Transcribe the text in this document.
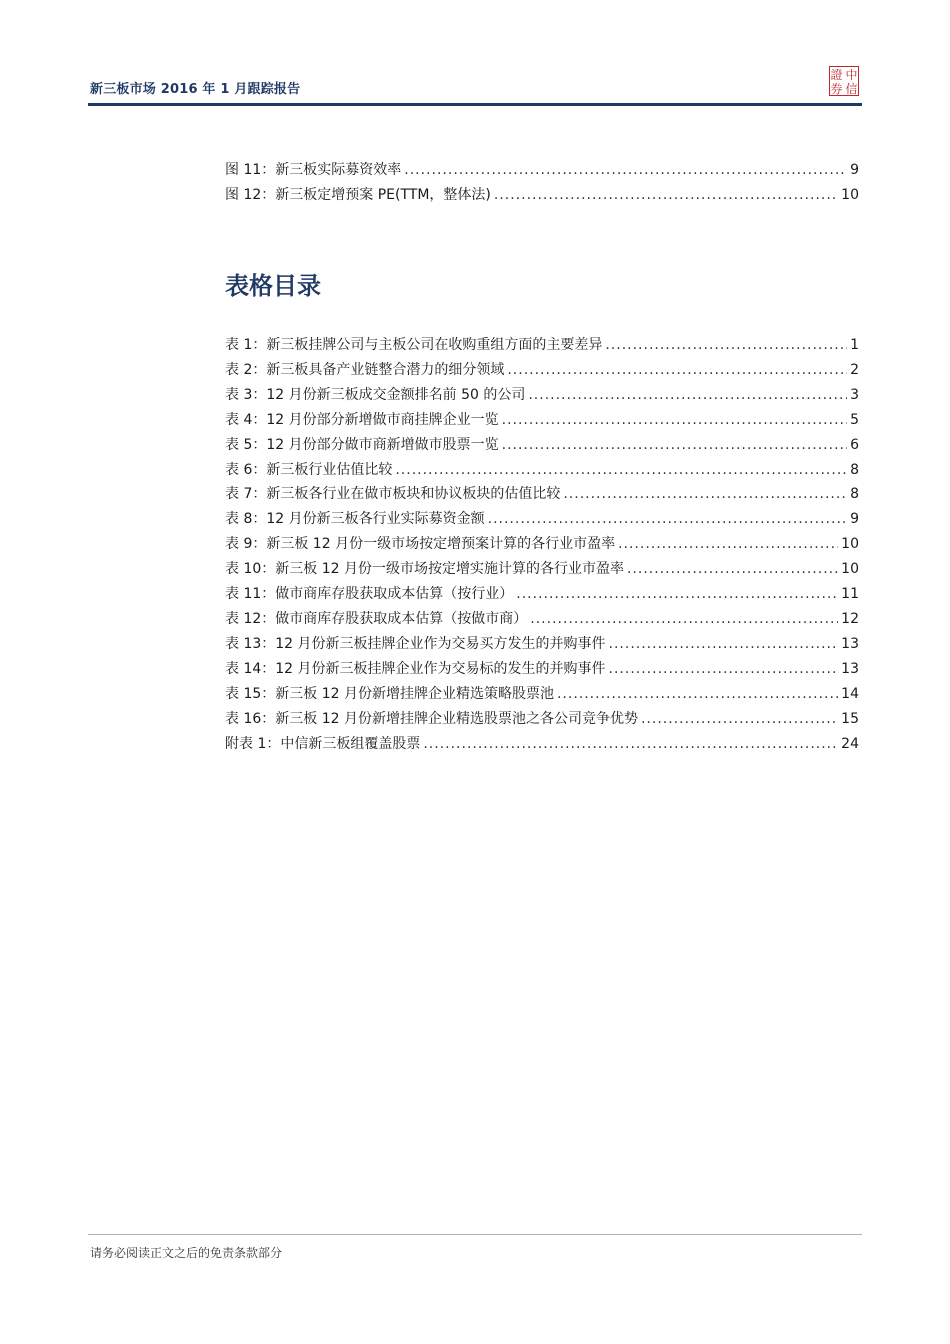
新三板市场 2016 年 1 月跟踪报告
證 中
券 信
图 11：新三板实际募资效率 .....	9
图 12：新三板定增预案 PE(TTM，整体法) .....	10
表格目录
表 1：新三板挂牌公司与主板公司在收购重组方面的主要差异 .....	1
表 2：新三板具备产业链整合潜力的细分领域 .....	2
表 3：12 月份新三板成交金额排名前 50 的公司 .....	3
表 4：12 月份部分新增做市商挂牌企业一览 .....	5
表 5：12 月份部分做市商新增做市股票一览 .....	6
表 6：新三板行业估值比较 .....	8
表 7：新三板各行业在做市板块和协议板块的估值比较 .....	8
表 8：12 月份新三板各行业实际募资金额 .....	9
表 9：新三板 12 月份一级市场按定增预案计算的各行业市盈率 .....	10
表 10：新三板 12 月份一级市场按定增实施计算的各行业市盈率 .....	10
表 11：做市商库存股获取成本估算（按行业） .....	11
表 12：做市商库存股获取成本估算（按做市商） .....	12
表 13：12 月份新三板挂牌企业作为交易买方发生的并购事件 .....	13
表 14：12 月份新三板挂牌企业作为交易标的发生的并购事件 .....	13
表 15：新三板 12 月份新增挂牌企业精选策略股票池 .....	14
表 16：新三板 12 月份新增挂牌企业精选股票池之各公司竞争优势 .....	15
附表 1：中信新三板组覆盖股票 .....	24
请务必阅读正文之后的免责条款部分
